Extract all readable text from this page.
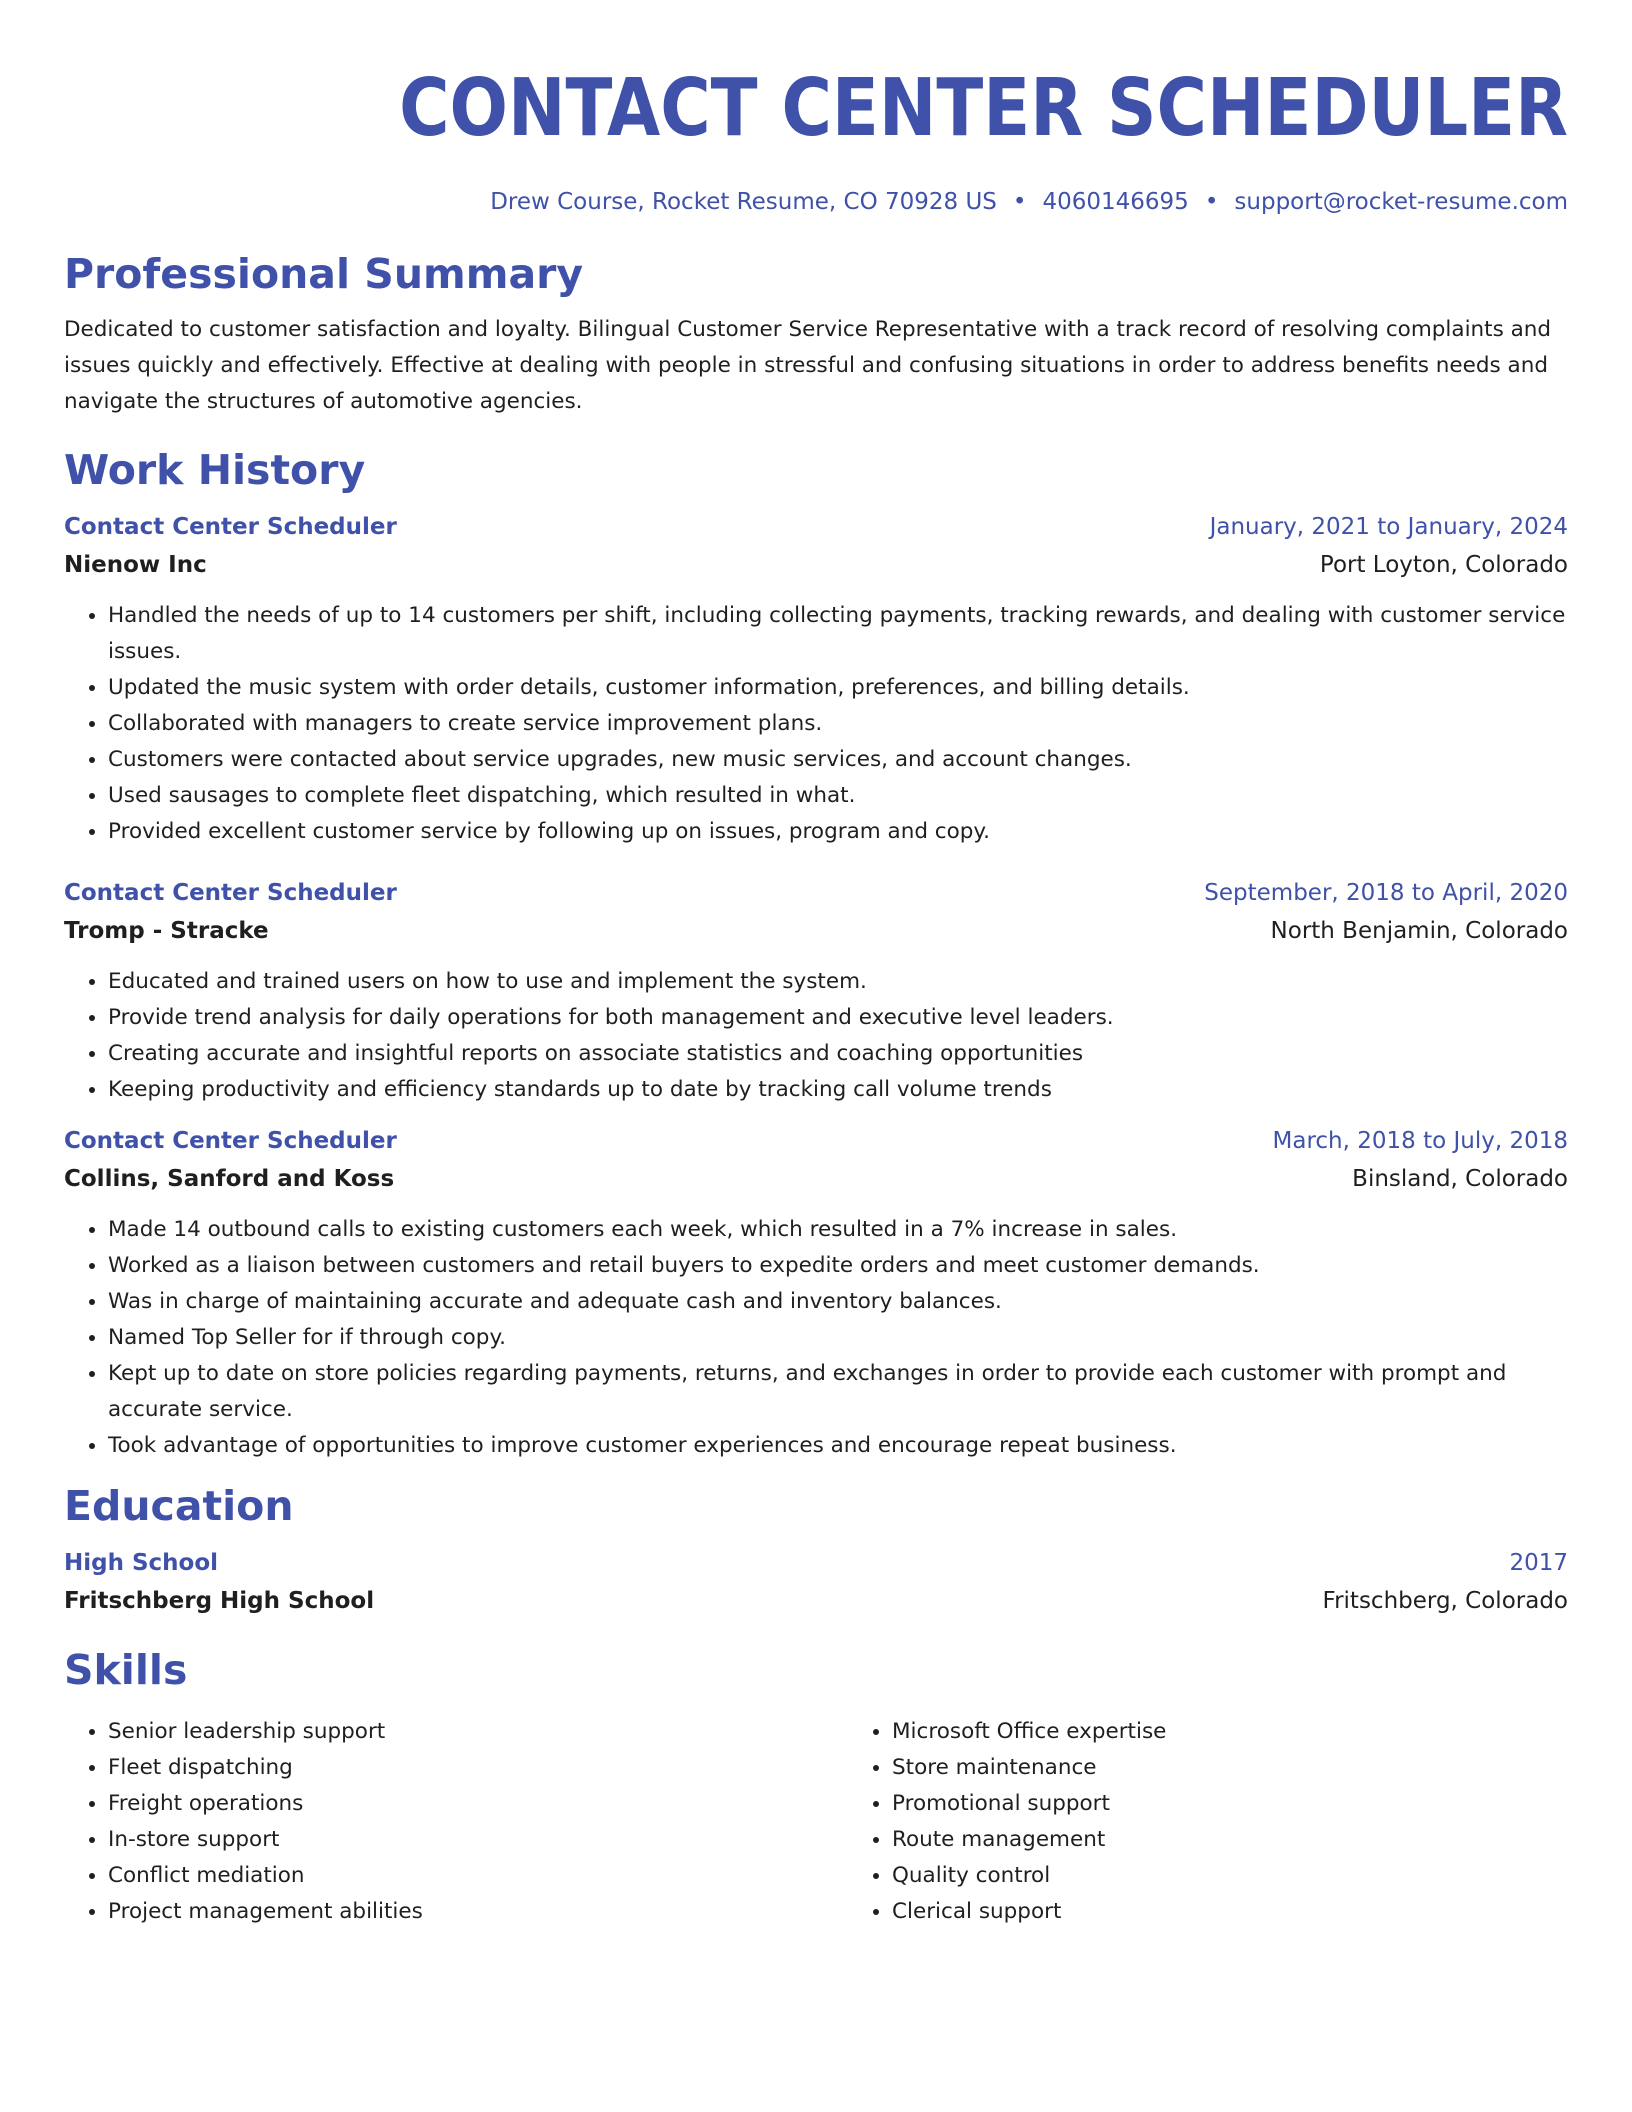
CONTACT CENTER SCHEDULER
Drew Course, Rocket Resume, CO 70928 US • 4060146695 • support@rocket-resume.com
Professional Summary

Dedicated to customer satisfaction and loyalty. Bilingual Customer Service Representative with a track record of resolving complaints and issues quickly and effectively. Effective at dealing with people in stressful and confusing situations in order to address benefits needs and navigate the structures of automotive agencies.

Work History
Contact Center Scheduler	January, 2021 to January, 2024
Nienow Inc	Port Loyton, Colorado
• Handled the needs of up to 14 customers per shift, including collecting payments, tracking rewards, and dealing with customer service issues.
• Updated the music system with order details, customer information, preferences, and billing details.
• Collaborated with managers to create service improvement plans.
• Customers were contacted about service upgrades, new music services, and account changes.
• Used sausages to complete fleet dispatching, which resulted in what.
• Provided excellent customer service by following up on issues, program and copy.
Contact Center Scheduler	September, 2018 to April, 2020
Tromp - Stracke	North Benjamin, Colorado
• Educated and trained users on how to use and implement the system.
• Provide trend analysis for daily operations for both management and executive level leaders.
• Creating accurate and insightful reports on associate statistics and coaching opportunities
• Keeping productivity and efficiency standards up to date by tracking call volume trends
Contact Center Scheduler	March, 2018 to July, 2018
Collins, Sanford and Koss	Binsland, Colorado
• Made 14 outbound calls to existing customers each week, which resulted in a 7% increase in sales.
• Worked as a liaison between customers and retail buyers to expedite orders and meet customer demands.
• Was in charge of maintaining accurate and adequate cash and inventory balances.
• Named Top Seller for if through copy.
• Kept up to date on store policies regarding payments, returns, and exchanges in order to provide each customer with prompt and accurate service.
• Took advantage of opportunities to improve customer experiences and encourage repeat business.
Education
High School	2017
Fritschberg High School	Fritschberg, Colorado
Skills
• Senior leadership support
• Fleet dispatching
• Freight operations
• In-store support
• Conflict mediation
• Project management abilities
• Microsoft Office expertise
• Store maintenance
• Promotional support
• Route management
• Quality control
• Clerical support
